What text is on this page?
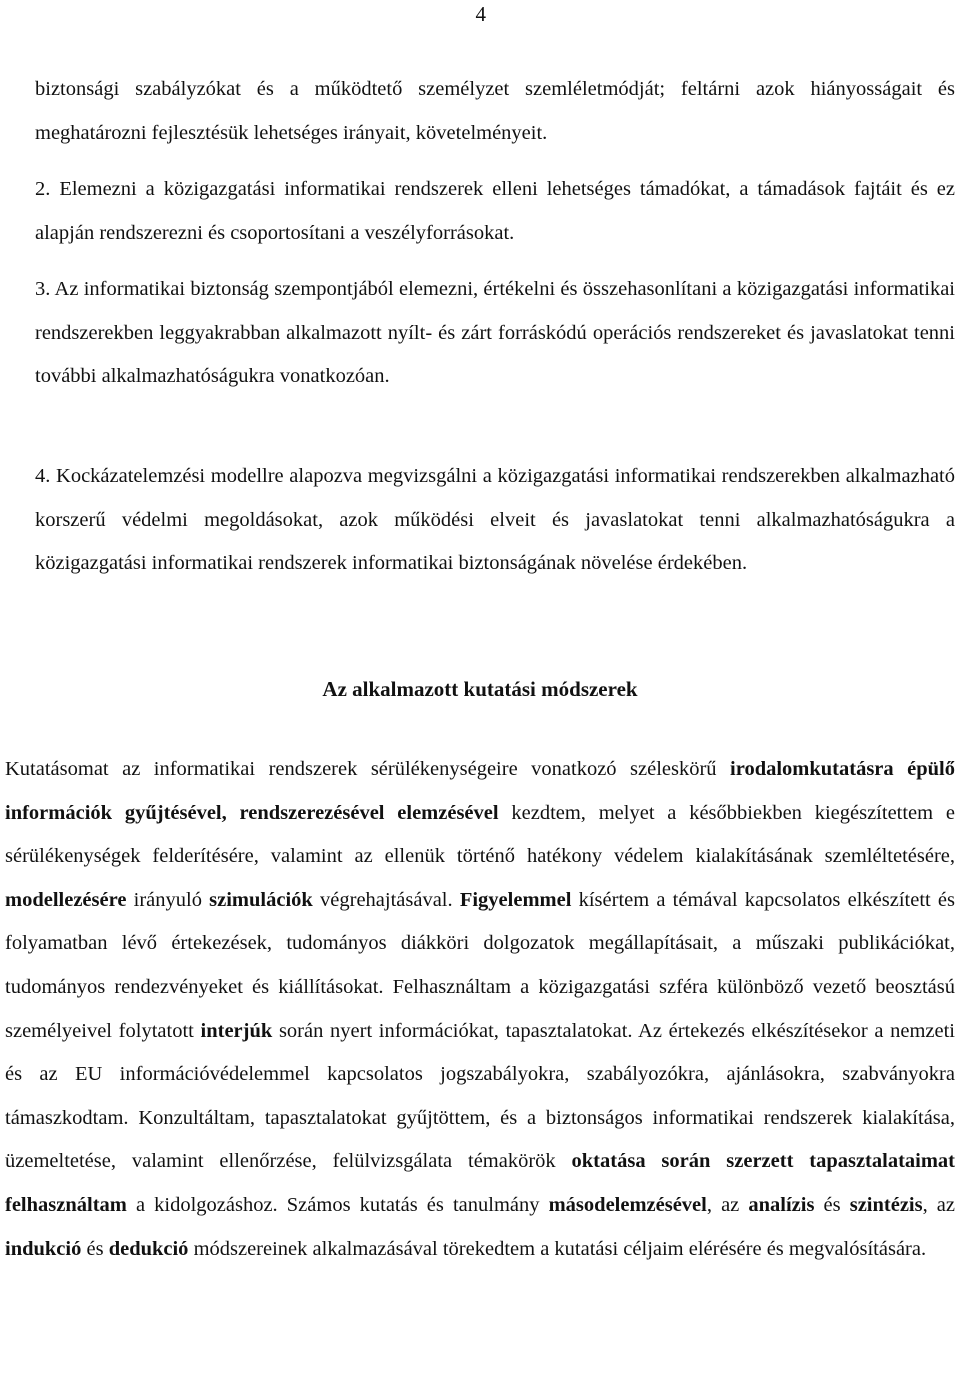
4

biztonsági szabályzókat és a működtető személyzet szemléletmódját; feltárni azok hiányosságait és meghatározni fejlesztésük lehetséges irányait, követelményeit.

2. Elemezni a közigazgatási informatikai rendszerek elleni lehetséges támadókat, a támadások fajtáit és ez alapján rendszerezni és csoportosítani a veszélyforrásokat.

3. Az informatikai biztonság szempontjából elemezni, értékelni és összehasonlítani a közigazgatási informatikai rendszerekben leggyakrabban alkalmazott nyílt- és zárt forráskódú operációs rendszereket és javaslatokat tenni további alkalmazhatóságukra vonatkozóan.

4. Kockázatelemzési modellre alapozva megvizsgálni a közigazgatási informatikai rendszerekben alkalmazható korszerű védelmi megoldásokat, azok működési elveit és javaslatokat tenni alkalmazhatóságukra a közigazgatási informatikai rendszerek informatikai biztonságának növelése érdekében.

Az alkalmazott kutatási módszerek

Kutatásomat az informatikai rendszerek sérülékenységeire vonatkozó széleskörű irodalomkutatásra épülő információk gyűjtésével, rendszerezésével elemzésével kezdtem, melyet a későbbiekben kiegészítettem e sérülékenységek felderítésére, valamint az ellenük történő hatékony védelem kialakításának szemléltetésére, modellezésére irányuló szimulációk végrehajtásával. Figyelemmel kísértem a témával kapcsolatos elkészített és folyamatban lévő értekezések, tudományos diákköri dolgozatok megállapításait, a műszaki publikációkat, tudományos rendezvényeket és kiállításokat. Felhasználtam a közigazgatási szféra különböző vezető beosztású személyeivel folytatott interjúk során nyert információkat, tapasztalatokat. Az értekezés elkészítésekor a nemzeti és az EU információvédelemmel kapcsolatos jogszabályokra, szabályozókra, ajánlásokra, szabványokra támaszkodtam. Konzultáltam, tapasztalatokat gyűjtöttem, és a biztonságos informatikai rendszerek kialakítása, üzemeltetése, valamint ellenőrzése, felülvizsgálata témakörök oktatása során szerzett tapasztalataimat felhasználtam a kidolgozáshoz. Számos kutatás és tanulmány másodelemzésével, az analízis és szintézis, az indukció és dedukció módszereinek alkalmazásával törekedtem a kutatási céljaim elérésére és megvalósítására.
